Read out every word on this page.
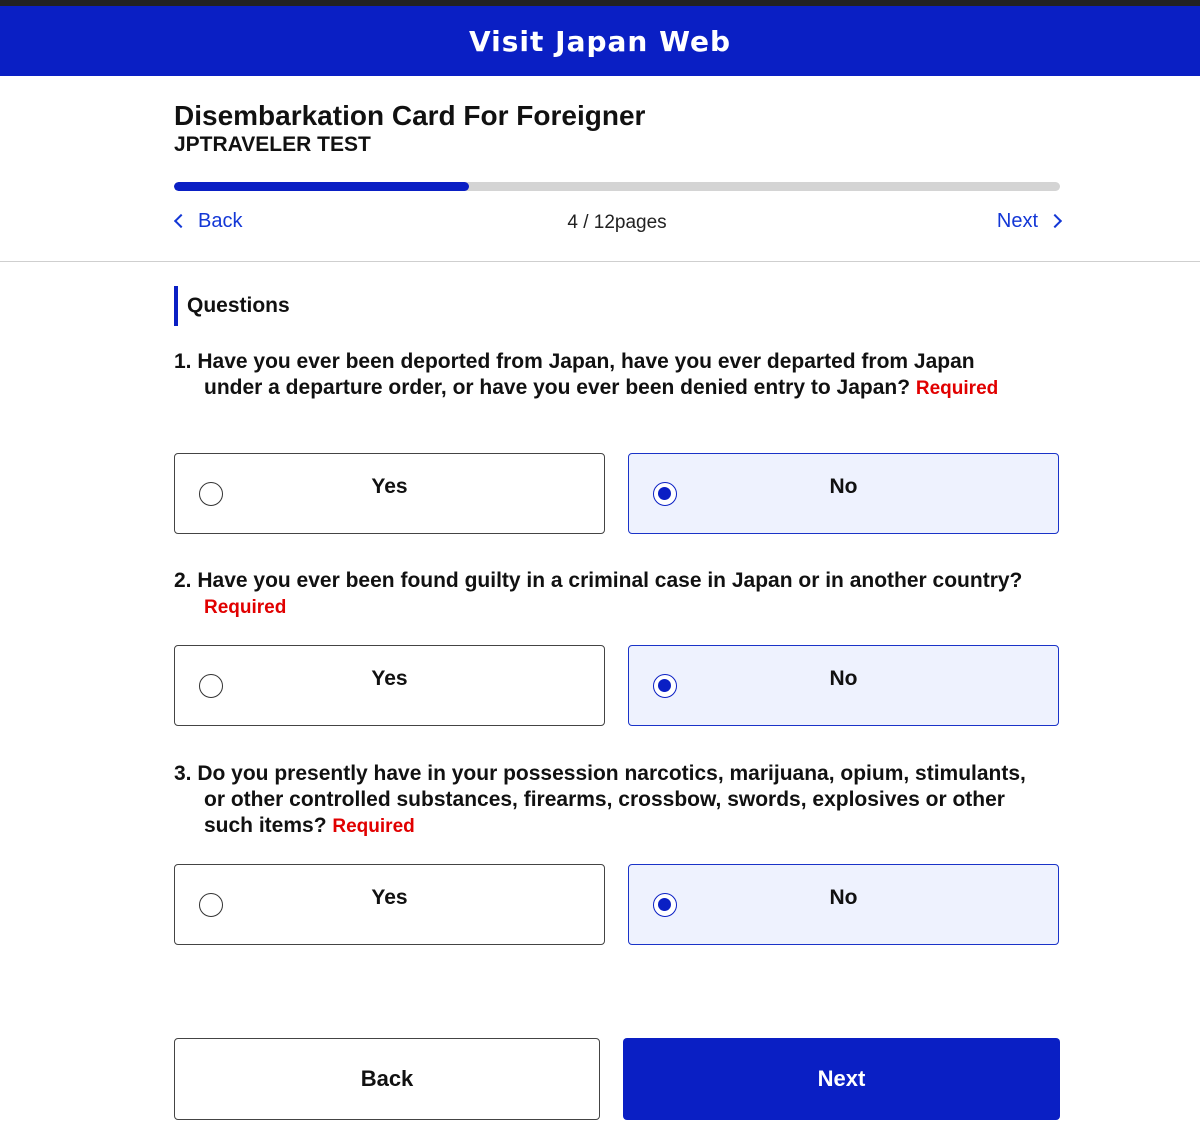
Visit Japan Web
Disembarkation Card For Foreigner
JPTRAVELER TEST
Back	4 / 12pages	Next
Questions
1. Have you ever been deported from Japan, have you ever departed from Japan under a departure order, or have you ever been denied entry to Japan? Required
Yes	No
2. Have you ever been found guilty in a criminal case in Japan or in another country? Required
Yes	No
3. Do you presently have in your possession narcotics, marijuana, opium, stimulants, or other controlled substances, firearms, crossbow, swords, explosives or other such items? Required
Yes	No
Back	Next
